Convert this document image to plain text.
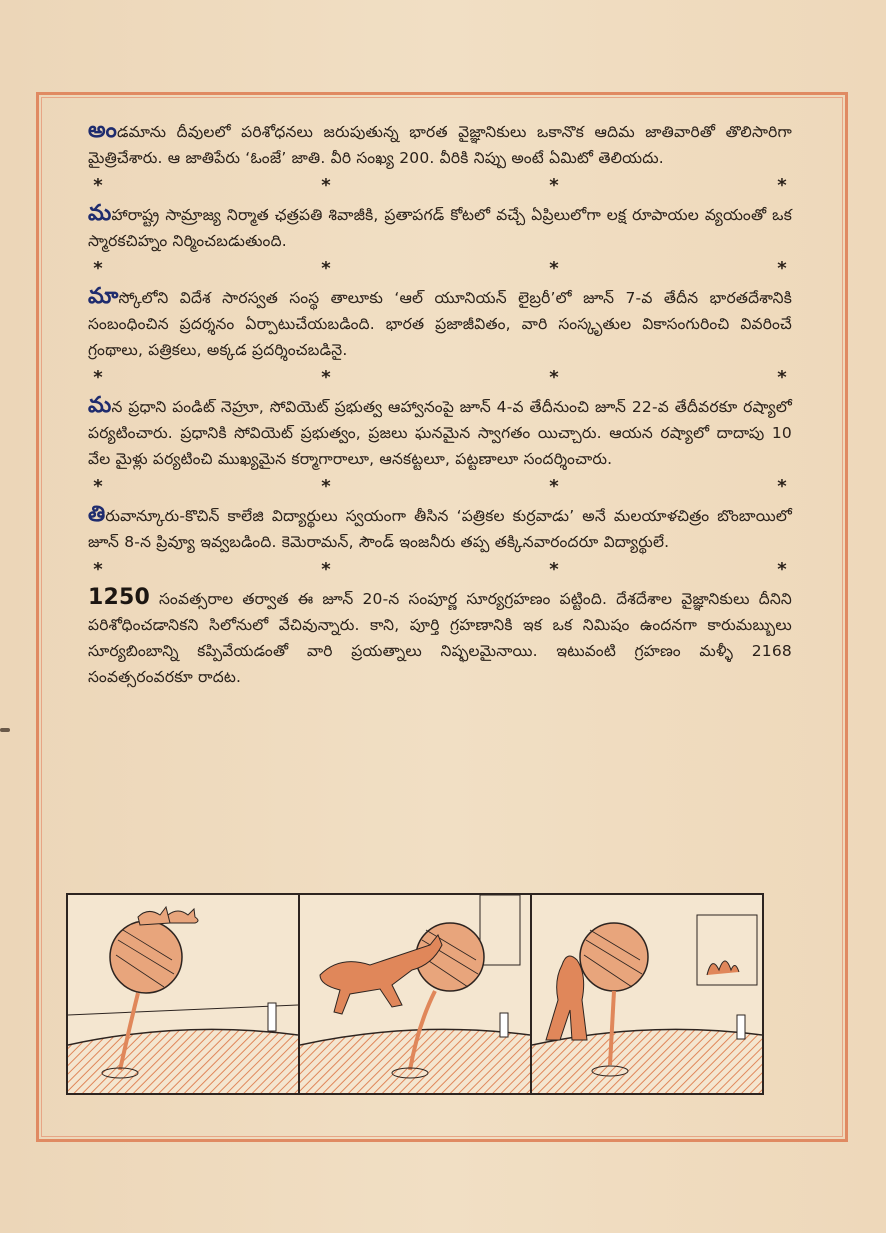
అండమాను దీవులలో పరిశోధనలు జరుపుతున్న భారత వైజ్ఞానికులు ఒకానొక ఆదిమ జాతివారితో తొలిసారిగా మైత్రిచేశారు. ఆ జాతిపేరు ‘ఓంజే’ జాతి. వీరి సంఖ్య 200. వీరికి నిప్పు అంటే ఏమిటో తెలియదు.

*	*	*	*

మహారాష్ట్ర సామ్రాజ్య నిర్మాత ఛత్రపతి శివాజీకి, ప్రతాపగడ్ కోటలో వచ్చే ఏప్రిలులోగా లక్ష రూపాయల వ్యయంతో ఒక స్మారకచిహ్నం నిర్మించబడుతుంది.

*	*	*	*

మాస్కోలోని విదేశ సారస్వత సంస్థ తాలూకు ‘ఆల్ యూనియన్ లైబ్రరీ’లో జూన్ 7-వ తేదీన భారతదేశానికి సంబంధించిన ప్రదర్శనం ఏర్పాటుచేయబడింది. భారత ప్రజాజీవితం, వారి సంస్కృతుల వికాసంగురించి వివరించే గ్రంథాలు, పత్రికలు, అక్కడ ప్రదర్శించబడినై.

*	*	*	*

మన ప్రధాని పండిట్ నెహ్రూ, సోవియెట్ ప్రభుత్వ ఆహ్వానంపై జూన్ 4-వ తేదీనుంచి జూన్ 22-వ తేదీవరకూ రష్యాలో పర్యటించారు. ప్రధానికి సోవియెట్ ప్రభుత్వం, ప్రజలు ఘనమైన స్వాగతం యిచ్చారు. ఆయన రష్యాలో దాదాపు 10 వేల మైళ్లు పర్యటించి ముఖ్యమైన కర్మాగారాలూ, ఆనకట్టలూ, పట్టణాలూ సందర్శించారు.

*	*	*	*

తిరువాన్కూరు-కొచిన్ కాలేజి విద్యార్థులు స్వయంగా తీసిన ‘పత్రికల కుర్రవాడు’ అనే మలయాళచిత్రం బొంబాయిలో జూన్ 8-న ప్రివ్యూ ఇవ్వబడింది. కెమెరామన్, సౌండ్ ఇంజనీరు తప్ప తక్కినవారందరూ విద్యార్థులే.

*	*	*	*

1250 సంవత్సరాల తర్వాత ఈ జూన్ 20-న సంపూర్ణ సూర్యగ్రహణం పట్టింది. దేశదేశాల వైజ్ఞానికులు దీనిని పరిశోధించడానికని సిలోనులో వేచివున్నారు. కాని, పూర్తి గ్రహణానికి ఇక ఒక నిమిషం ఉందనగా కారుమబ్బులు సూర్యబింబాన్ని కప్పివేయడంతో వారి ప్రయత్నాలు నిష్ఫలమైనాయి. ఇటువంటి గ్రహణం మళ్ళీ 2168 సంవత్సరంవరకూ రాదట.
